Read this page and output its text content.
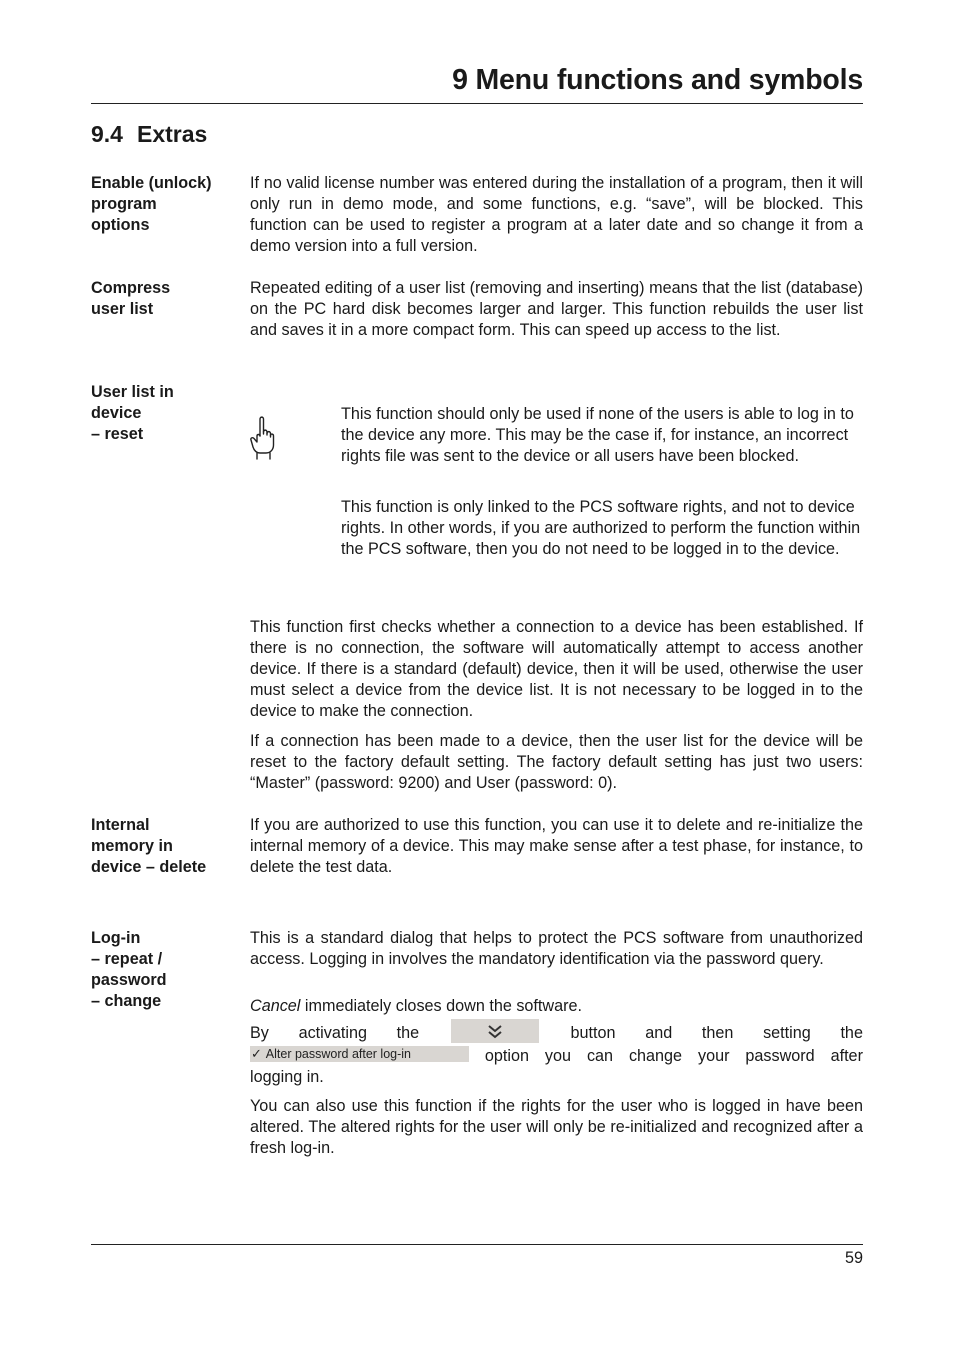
9 Menu functions and symbols
9.4 Extras
Enable (unlock)
program
options
If no valid license number was entered during the installation of a program, then it will only run in demo mode, and some functions, e.g. “save”, will be blocked. This function can be used to register a program at a later date and so change it from a demo version into a full version.
Compress
user list
Repeated editing of a user list (removing and inserting) means that the list (database) on the PC hard disk becomes larger and larger. This function rebuilds the user list and saves it in a more compact form. This can speed up access to the list.
User list in
device
– reset
This function should only be used if none of the users is able to log in to the device any more. This may be the case if, for instance, an incorrect rights file was sent to the device or all users have been blocked.
This function is only linked to the PCS software rights, and not to device rights. In other words, if you are authorized to perform the function within the PCS software, then you do not need to be logged in to the device.
This function first checks whether a connection to a device has been established. If there is no connection, the software will automatically attempt to access another device. If there is a standard (default) device, then it will be used, otherwise the user must select a device from the device list. It is not necessary to be logged in to the device to make the connection.
If a connection has been made to a device, then the user list for the device will be reset to the factory default setting. The factory default setting has just two users: “Master” (password: 9200) and User (password: 0).
Internal
memory in
device – delete
If you are authorized to use this function, you can use it to delete and re-initialize the internal memory of a device. This may make sense after a test phase, for instance, to delete the test data.
Log-in
– repeat /
password
– change
This is a standard dialog that helps to protect the PCS software from unauthorized access. Logging in involves the mandatory identification via the password query.
Cancel immediately closes down the software.
By activating the	button and then setting the
✓ Alter password after log-in	option you can change your password after
logging in.
You can also use this function if the rights for the user who is logged in have been altered. The altered rights for the user will only be re-initialized and recognized after a fresh log-in.
59
